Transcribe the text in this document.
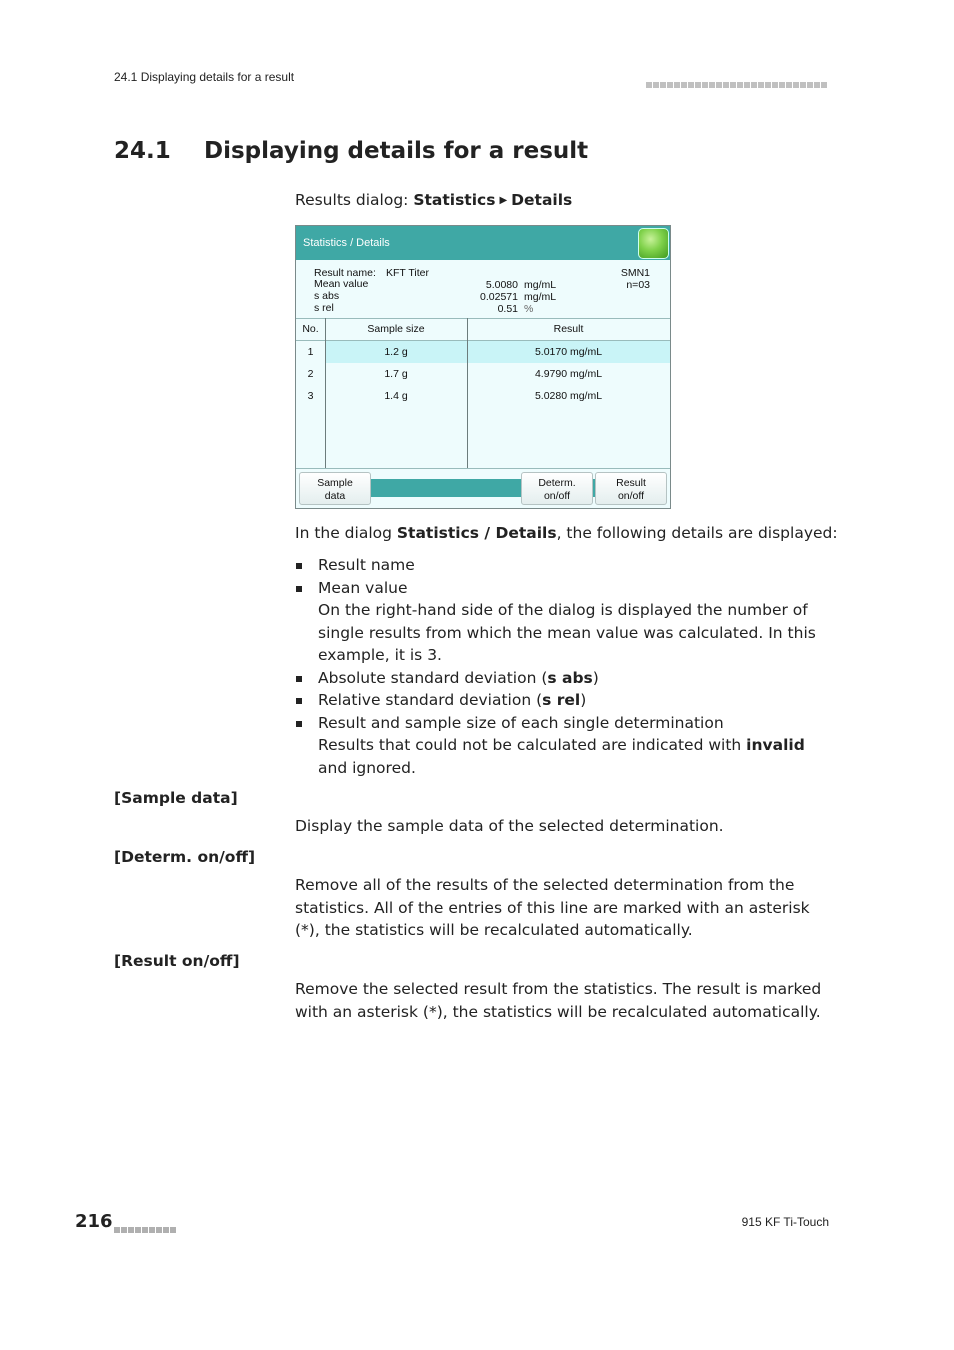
24.1 Displaying details for a result
24.1 Displaying details for a result
Results dialog: Statistics ▶ Details
Statistics / Details
Result name: KFT Titer	SMN1
Mean value	5.0080 mg/mL	n=03
s abs	0.02571 mg/mL
s rel	0.51 %
No.	Sample size	Result
1	1.2 g	5.0170 mg/mL
2	1.7 g	4.9790 mg/mL
3	1.4 g	5.0280 mg/mL
Sample
data
Determ.
on/off
Result
on/off
In the dialog Statistics / Details, the following details are displayed:
Result name
Mean value
On the right-hand side of the dialog is displayed the number of single results from which the mean value was calculated. In this example, it is 3.
Absolute standard deviation (s abs)
Relative standard deviation (s rel)
Result and sample size of each single determination
Results that could not be calculated are indicated with invalid and ignored.
[Sample data]
Display the sample data of the selected determination.
[Determ. on/off]
Remove all of the results of the selected determination from the statistics. All of the entries of this line are marked with an asterisk (*), the statistics will be recalculated automatically.
[Result on/off]
Remove the selected result from the statistics. The result is marked with an asterisk (*), the statistics will be recalculated automatically.
216	915 KF Ti-Touch
